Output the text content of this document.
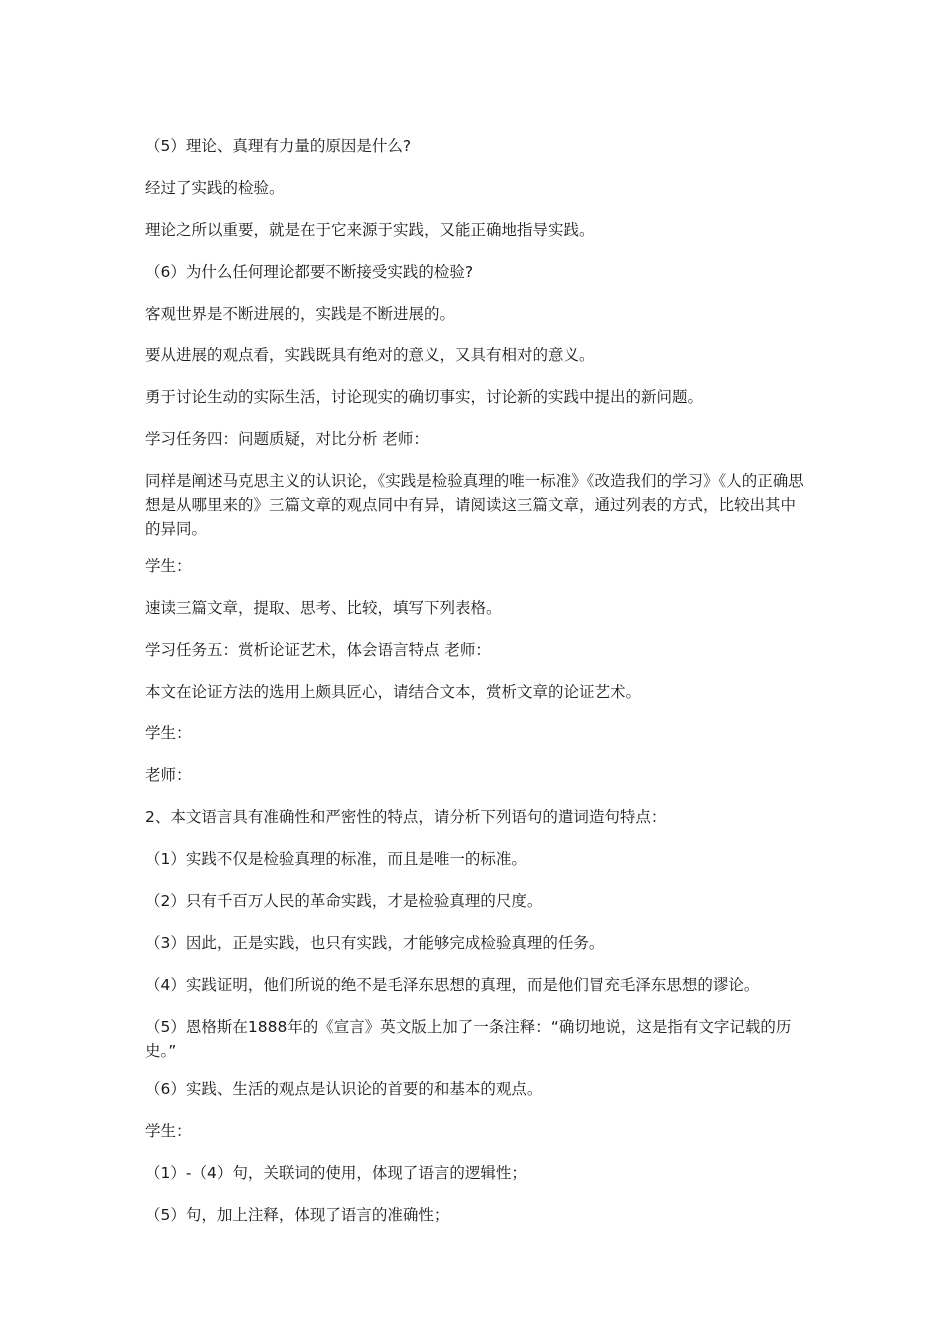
（5）理论、真理有力量的原因是什么?

经过了实践的检验。

理论之所以重要，就是在于它来源于实践，又能正确地指导实践。

（6）为什么任何理论都要不断接受实践的检验?

客观世界是不断进展的，实践是不断进展的。

要从进展的观点看，实践既具有绝对的意义，又具有相对的意义。

勇于讨论生动的实际生活，讨论现实的确切事实，讨论新的实践中提出的新问题。

学习任务四：问题质疑，对比分析 老师：

同样是阐述马克思主义的认识论，《实践是检验真理的唯一标准》《改造我们的学习》《人的正确思想是从哪里来的》三篇文章的观点同中有异，请阅读这三篇文章，通过列表的方式，比较出其中的异同。

学生：

速读三篇文章，提取、思考、比较，填写下列表格。

学习任务五：赏析论证艺术，体会语言特点 老师：

本文在论证方法的选用上颇具匠心，请结合文本，赏析文章的论证艺术。

学生：

老师：

2、本文语言具有准确性和严密性的特点，请分析下列语句的遣词造句特点：

（1）实践不仅是检验真理的标准，而且是唯一的标准。

（2）只有千百万人民的革命实践，才是检验真理的尺度。

（3）因此，正是实践，也只有实践，才能够完成检验真理的任务。

（4）实践证明，他们所说的绝不是毛泽东思想的真理，而是他们冒充毛泽东思想的谬论。

（5）恩格斯在1888年的《宣言》英文版上加了一条注释：“确切地说，这是指有文字记载的历史。”

（6）实践、生活的观点是认识论的首要的和基本的观点。

学生：

（1）-（4）句，关联词的使用，体现了语言的逻辑性；

（5）句，加上注释，体现了语言的准确性；
